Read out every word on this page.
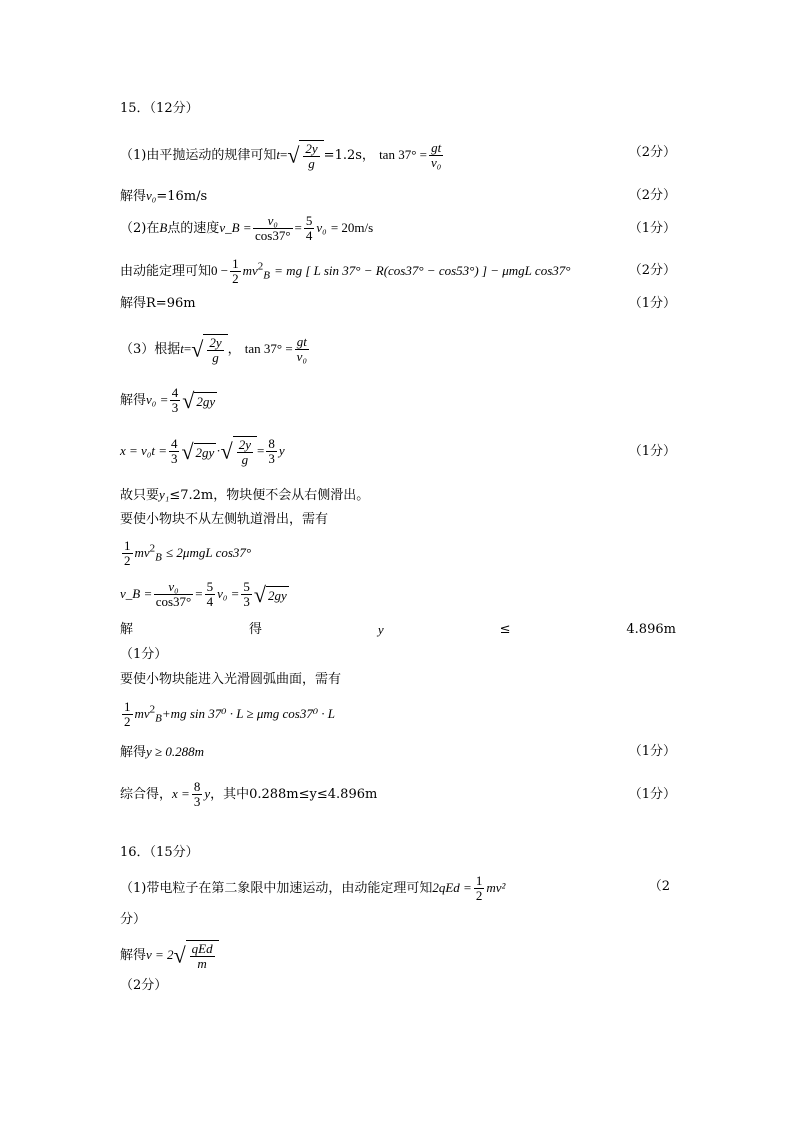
15．（12分）
（1)由平抛运动的规律可知$t=√ \frac{2y}{g} =1.2s$， $\tan 37^\circ = \frac{gt}{\text{v₀}}$	（2分）
解得v₀=16m/s	（2分）
（2)在B点的速度v_B = $\frac{\text{v₀}}{\cos 37^\circ} = \frac{5}{4} v_0 = 20m/s$	（1分）
由动能定理可知$0 - \frac{1}{2} mv^2_B$ = mg [ L sin 37° − R(cos37° − cos53°) ] − μmgL cos37°	（2分）
解得R=96m	（1分）
（3）根据$t=√ \frac{2y}{g}$ ， $\tan 37^\circ = \frac{gt}{\text{v₀}}$
解得$v_0 = \frac{4}{3}$ √ 2gy
$x = v_0t = \frac{4}{3}$ √ 2gy ·√ $\frac{2y}{g} = \frac{8}{3}$ y	（1分）
故只要y₁≤7.2m，物块便不会从右侧滑出。
要使小物块不从左侧轨道滑出，需有
$\frac{1}{2} mv^2_B \le 2\mu mgL$ cos37°
v_B = $\frac{\text{v₀}}{\cos 37^\circ} = \frac{5}{4} v_0 = \frac{5}{3}$ √ 2gy
解	得	y	≤	4.896m
（1分）
要使小物块能进入光滑圆弧曲面，需有
$\frac{1}{2} mv^2_B+mg$ sin 37⁰ · L ≥ μmg cos37⁰ · L
解得y ≥ 0.288m	（1分）
综合得，$x = \frac{8}{3}$ y，其中0.288m≤y≤4.896m	（1分）
16．（15分）
（1)带电粒子在第二象限中加速运动，由动能定理可知$2qEd = \frac{1}{2} mv^2$	（2
分）
解得$v = 2√ \frac{\text{qEd}}{m}$
（2分）
